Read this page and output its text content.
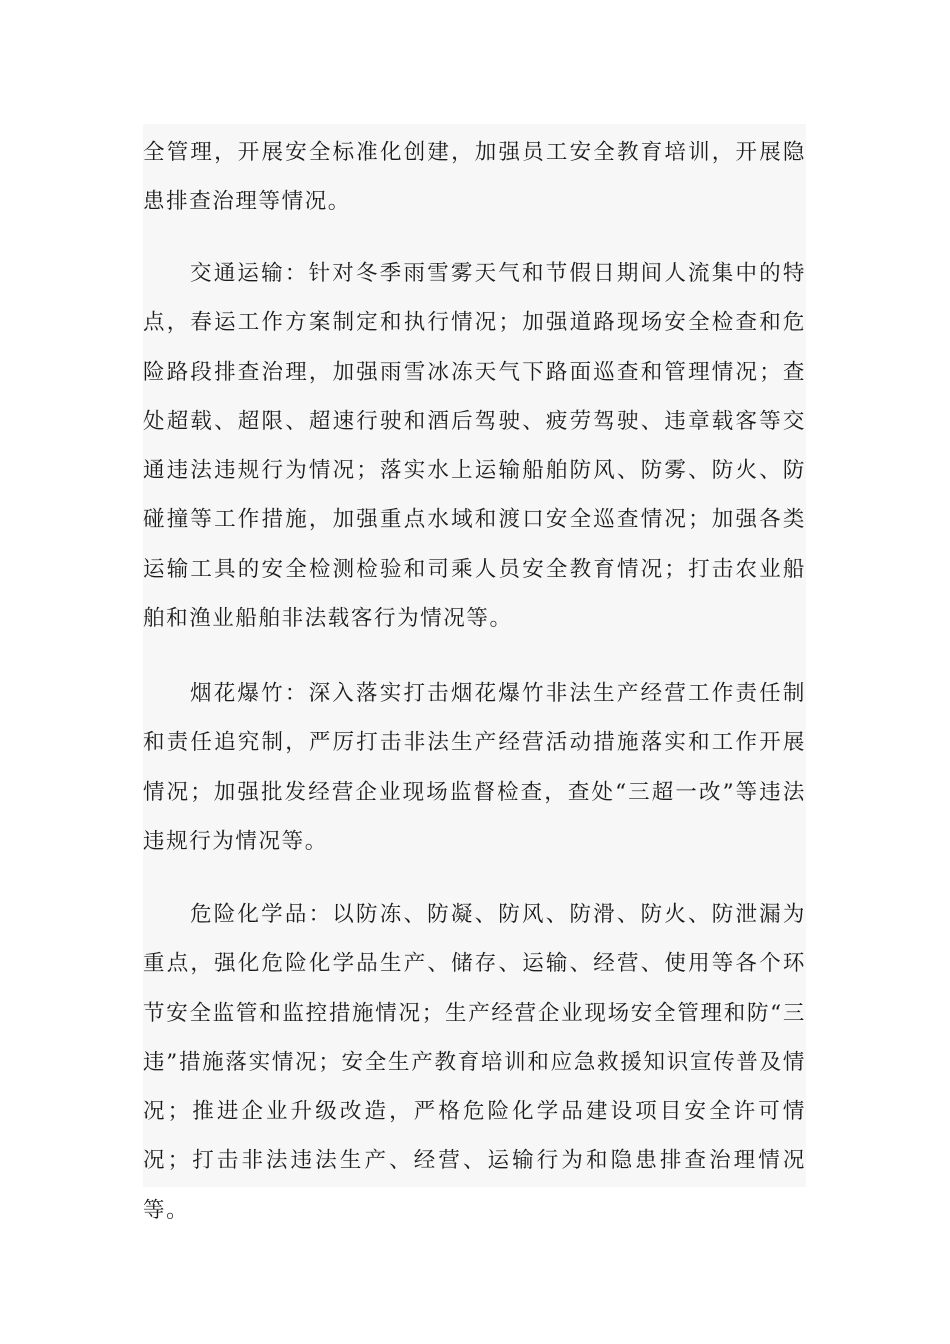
全管理，开展安全标准化创建，加强员工安全教育培训，开展隐患排查治理等情况。

交通运输：针对冬季雨雪雾天气和节假日期间人流集中的特点，春运工作方案制定和执行情况；加强道路现场安全检查和危险路段排查治理，加强雨雪冰冻天气下路面巡查和管理情况；查处超载、超限、超速行驶和酒后驾驶、疲劳驾驶、违章载客等交通违法违规行为情况；落实水上运输船舶防风、防雾、防火、防碰撞等工作措施，加强重点水域和渡口安全巡查情况；加强各类运输工具的安全检测检验和司乘人员安全教育情况；打击农业船舶和渔业船舶非法载客行为情况等。

烟花爆竹：深入落实打击烟花爆竹非法生产经营工作责任制和责任追究制，严厉打击非法生产经营活动措施落实和工作开展情况；加强批发经营企业现场监督检查，查处“三超一改”等违法违规行为情况等。

危险化学品：以防冻、防凝、防风、防滑、防火、防泄漏为重点，强化危险化学品生产、储存、运输、经营、使用等各个环节安全监管和监控措施情况；生产经营企业现场安全管理和防“三违”措施落实情况；安全生产教育培训和应急救援知识宣传普及情况；推进企业升级改造，严格危险化学品建设项目安全许可情况；打击非法违法生产、经营、运输行为和隐患排查治理情况等。
